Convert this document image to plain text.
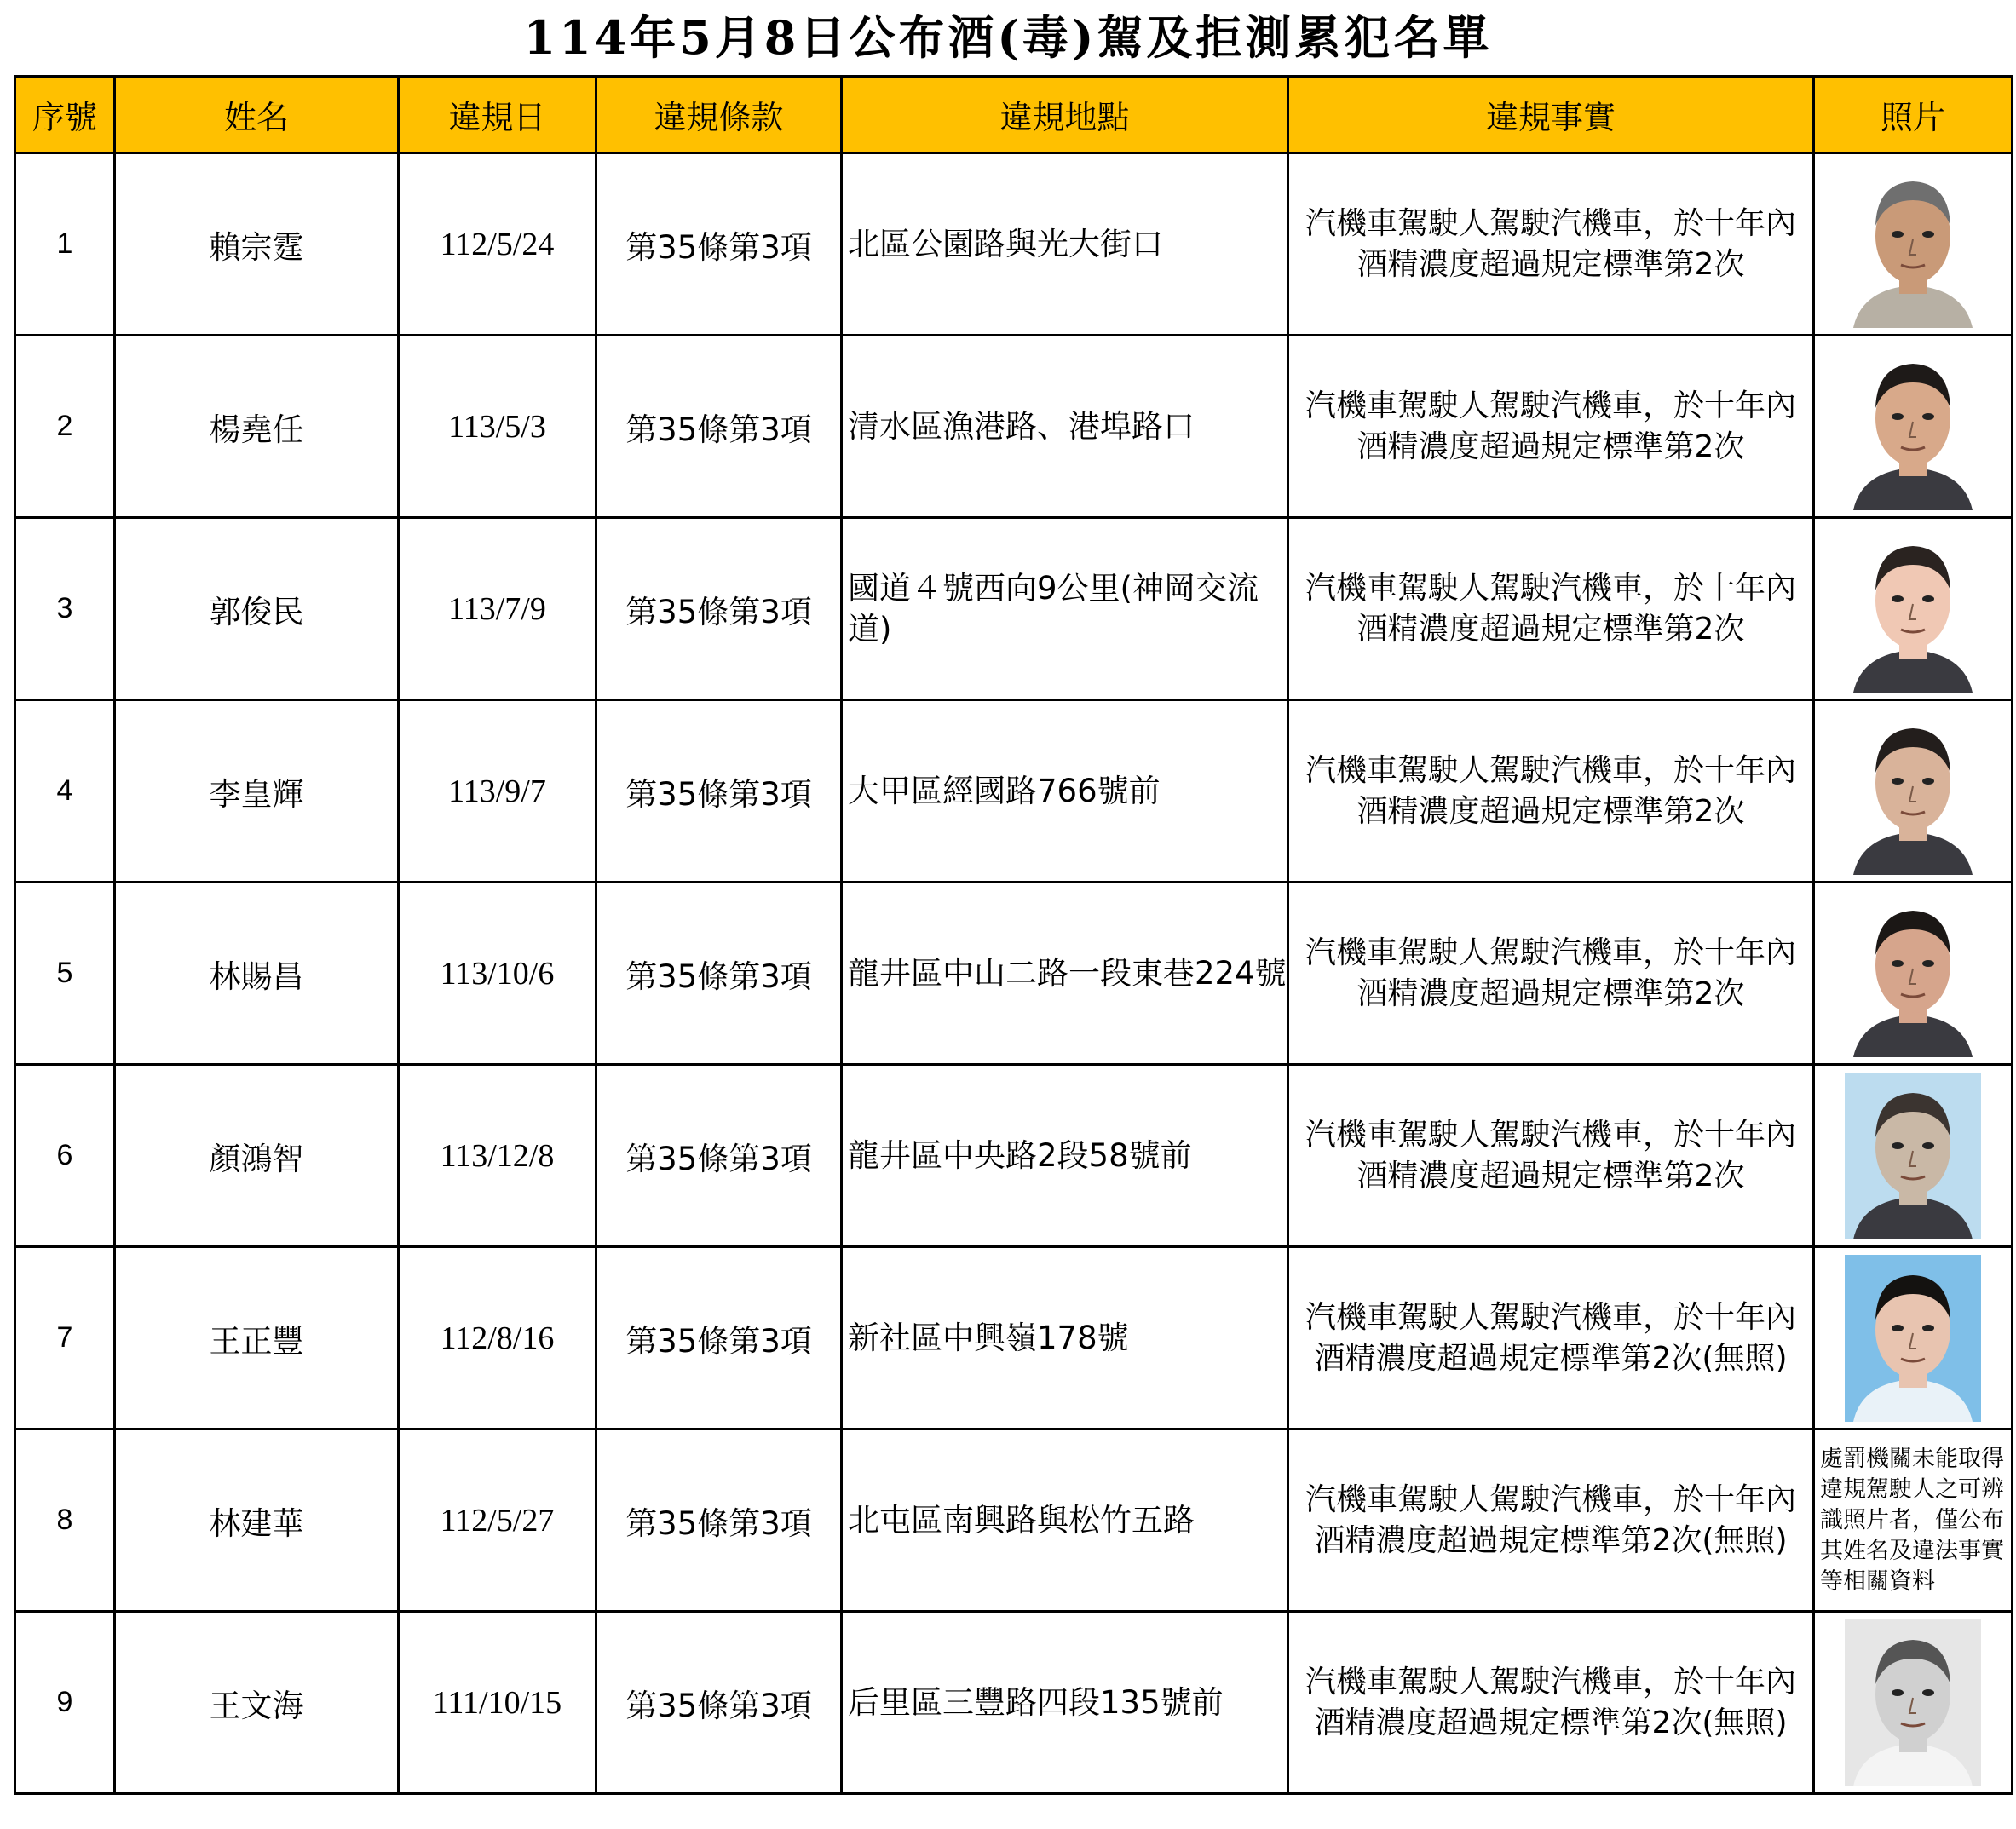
114年5月8日公布酒(毒)駕及拒測累犯名單
序號	姓名	違規日	違規條款	違規地點	違規事實	照片
1	賴宗霆	112/5/24	第35條第3項	北區公園路與光大街口	汽機車駕駛人駕駛汽機車，於十年內
酒精濃度超過規定標準第2次

2	楊堯任	113/5/3	第35條第3項	清水區漁港路、港埠路口	汽機車駕駛人駕駛汽機車，於十年內
酒精濃度超過規定標準第2次

3	郭俊民	113/7/9	第35條第3項	國道４號西向9公里(神岡交流道)	汽機車駕駛人駕駛汽機車，於十年內
酒精濃度超過規定標準第2次

4	李皇輝	113/9/7	第35條第3項	大甲區經國路766號前	汽機車駕駛人駕駛汽機車，於十年內
酒精濃度超過規定標準第2次

5	林賜昌	113/10/6	第35條第3項	龍井區中山二路一段東巷224號	汽機車駕駛人駕駛汽機車，於十年內
酒精濃度超過規定標準第2次

6	顏鴻智	113/12/8	第35條第3項	龍井區中央路2段58號前	汽機車駕駛人駕駛汽機車，於十年內
酒精濃度超過規定標準第2次

7	王正豐	112/8/16	第35條第3項	新社區中興嶺178號	汽機車駕駛人駕駛汽機車，於十年內
酒精濃度超過規定標準第2次(無照)

8	林建華	112/5/27	第35條第3項	北屯區南興路與松竹五路	汽機車駕駛人駕駛汽機車，於十年內
酒精濃度超過規定標準第2次(無照)	處罰機關未能取得違規駕駛人之可辨識照片者，僅公布 其姓名及違法事實等相關資料

9	王文海	111/10/15	第35條第3項	后里區三豐路四段135號前	汽機車駕駛人駕駛汽機車，於十年內
酒精濃度超過規定標準第2次(無照)
